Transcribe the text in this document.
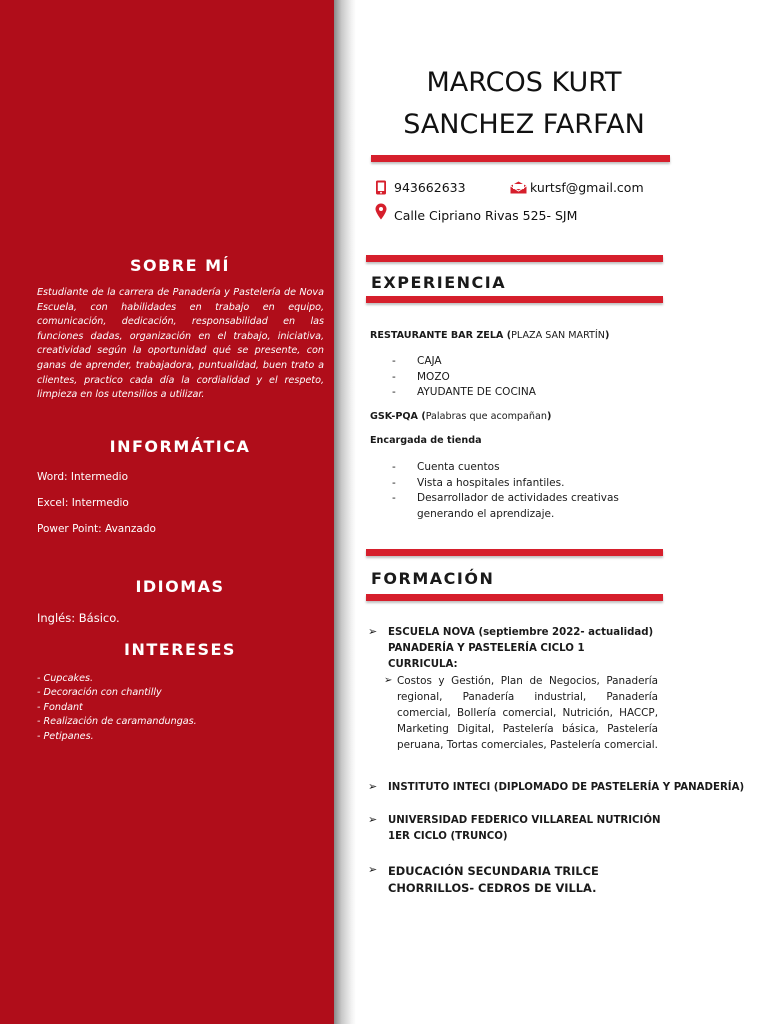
SOBRE MÍ

Estudiante de la carrera de Panadería y Pastelería de Nova Escuela, con habilidades en trabajo en equipo, comunicación, dedicación, responsabilidad en las funciones dadas, organización en el trabajo, iniciativa, creatividad según la oportunidad qué se presente, con ganas de aprender, trabajadora, puntualidad, buen trato a clientes, practico cada día la cordialidad y el respeto, limpieza en los utensilios a utilizar.

INFORMÁTICA
Word: Intermedio
Excel: Intermedio
Power Point: Avanzado
IDIOMAS
Inglés: Básico.
INTERESES
- Cupcakes.
- Decoración con chantilly
- Fondant
- Realización de caramandungas.
- Petipanes.
MARCOS KURT
SANCHEZ FARFAN
943662633	kurtsf@gmail.com
Calle Cipriano Rivas 525- SJM
EXPERIENCIA
RESTAURANTE BAR ZELA (PLAZA SAN MARTÍN)
- CAJA
- MOZO
- AYUDANTE DE COCINA
GSK-PQA (Palabras que acompañan)
Encargada de tienda
- Cuenta cuentos
- Vista a hospitales infantiles.
- Desarrollador de actividades creativas generando el aprendizaje.
FORMACIÓN
➢ ESCUELA NOVA (septiembre 2022- actualidad)
PANADERÍA Y PASTELERÍA CICLO 1
CURRICULA:
➢ Costos y Gestión, Plan de Negocios, Panadería regional, Panadería industrial, Panadería comercial, Bollería comercial, Nutrición, HACCP, Marketing Digital, Pastelería básica, Pastelería peruana, Tortas comerciales, Pastelería comercial.
➢ INSTITUTO INTECI (DIPLOMADO DE PASTELERÍA Y PANADERÍA)
➢ UNIVERSIDAD FEDERICO VILLAREAL NUTRICIÓN
1ER CICLO (TRUNCO)
➢ EDUCACIÓN SECUNDARIA TRILCE
CHORRILLOS- CEDROS DE VILLA.
